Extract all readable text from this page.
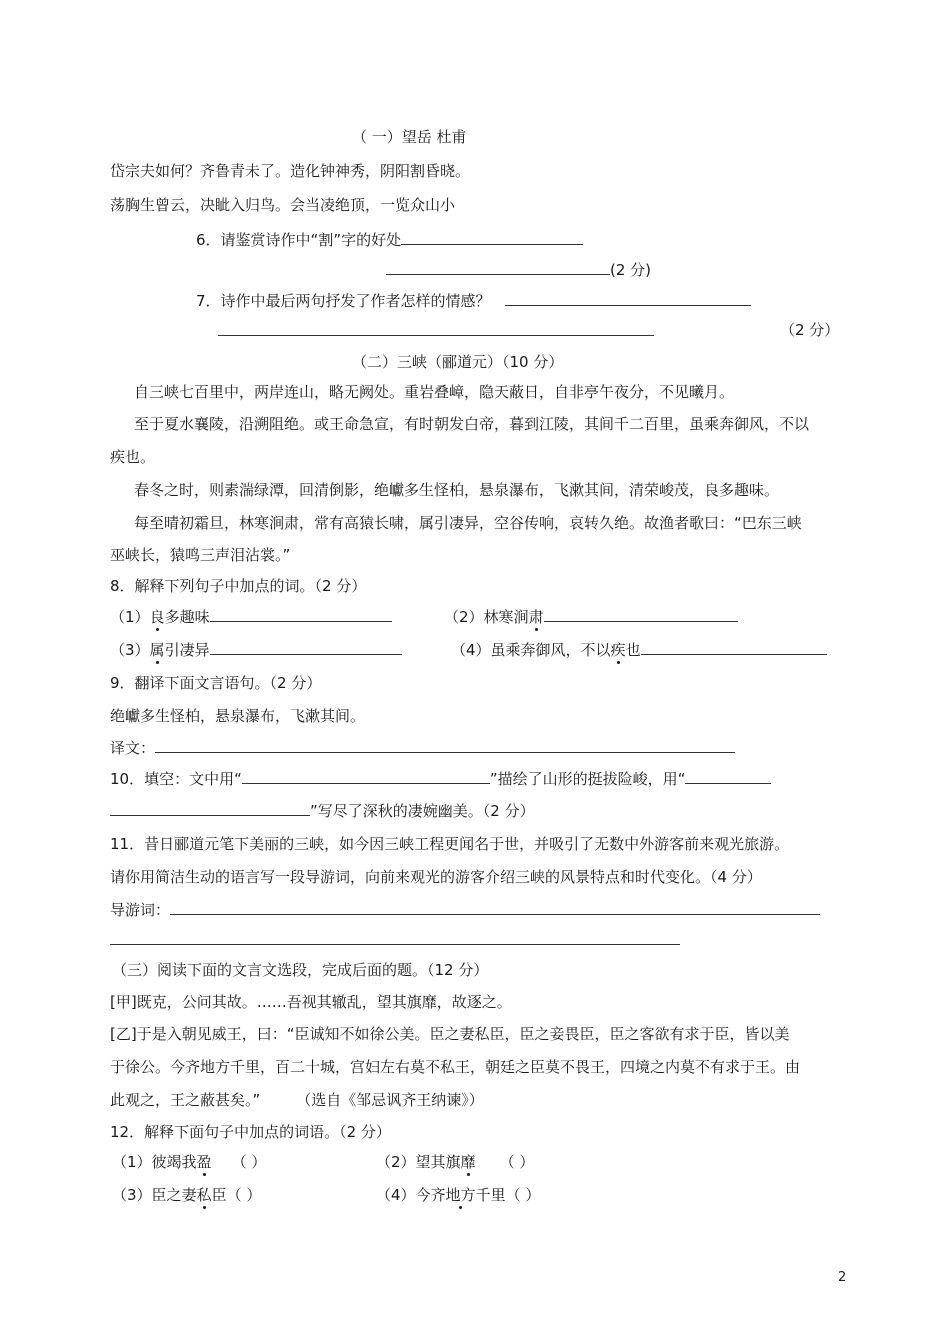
（ 一）望岳 杜甫
岱宗夫如何？齐鲁青未了。造化钟神秀，阴阳割昏晓。
荡胸生曾云，决眦入归鸟。会当凌绝顶，一览众山小
6．请鉴赏诗作中“割”字的好处
(2 分)
7．诗作中最后两句抒发了作者怎样的情感？
（2 分）
（二）三峡（郦道元）（10 分）
自三峡七百里中，两岸连山，略无阙处。重岩叠嶂，隐天蔽日，自非亭午夜分，不见曦月。
至于夏水襄陵，沿溯阻绝。或王命急宣，有时朝发白帝，暮到江陵，其间千二百里，虽乘奔御风，不以
疾也。
春冬之时，则素湍绿潭，回清倒影，绝巘多生怪柏，悬泉瀑布，飞漱其间，清荣峻茂，良多趣味。
每至晴初霜旦，林寒涧肃，常有高猿长啸，属引凄异，空谷传响，哀转久绝。故渔者歌曰：“巴东三峡
巫峡长，猿鸣三声泪沾裳。”
8．解释下列句子中加点的词。（2 分）
（1）良多趣味	（2）林寒涧肃
（3）属引凄异	（4）虽乘奔御风，不以疾也
9．翻译下面文言语句。（2 分）
绝巘多生怪柏，悬泉瀑布，飞漱其间。
译文：
10．填空：文中用“	”描绘了山形的挺拔险峻，用“
”写尽了深秋的凄婉幽美。（2 分）
11．昔日郦道元笔下美丽的三峡，如今因三峡工程更闻名于世，并吸引了无数中外游客前来观光旅游。
请你用简洁生动的语言写一段导游词，向前来观光的游客介绍三峡的风景特点和时代变化。（4 分）
导游词：
（三）阅读下面的文言文选段，完成后面的题。（12 分）
[甲]既克，公问其故。……吾视其辙乱，望其旗靡，故逐之。
[乙]于是入朝见威王，曰：“臣诚知不如徐公美。臣之妻私臣，臣之妾畏臣，臣之客欲有求于臣，皆以美
于徐公。今齐地方千里，百二十城，宫妇左右莫不私王，朝廷之臣莫不畏王，四境之内莫不有求于王。由
此观之，王之蔽甚矣。” （选自《邹忌讽齐王纳谏》）
12．解释下面句子中加点的词语。（2 分）
（1）彼竭我盈 （ ）	（2）望其旗靡 （ ）
（3）臣之妻私臣（ ）	（4）今齐地方千里（ ）
2
